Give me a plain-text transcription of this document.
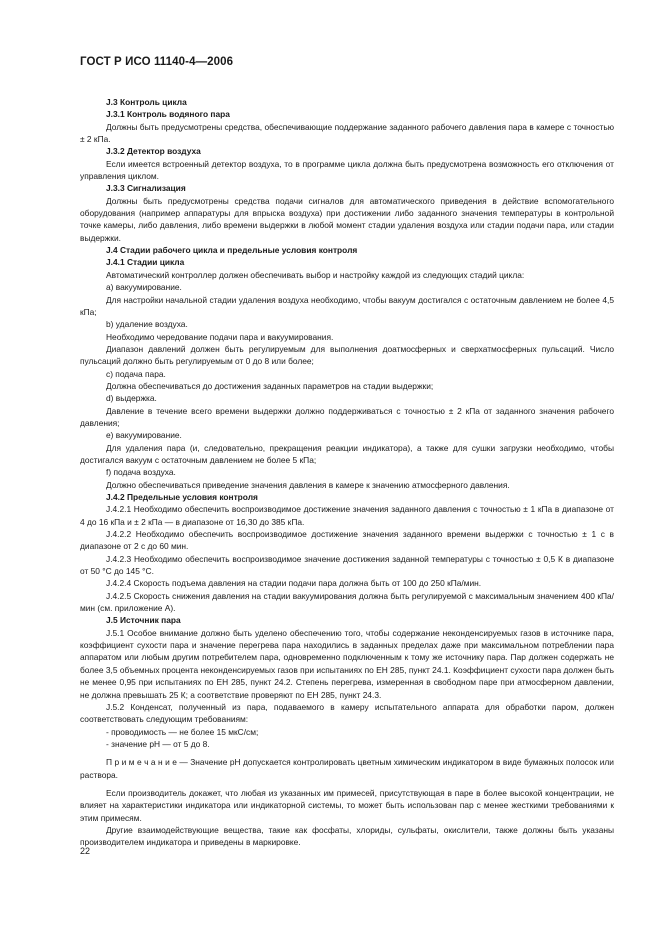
ГОСТ Р ИСО 11140-4—2006

J.3 Контроль цикла

J.3.1 Контроль водяного пара

Должны быть предусмотрены средства, обеспечивающие поддержание заданного рабочего давления пара в камере с точностью ± 2 кПа.

J.3.2 Детектор воздуха

Если имеется встроенный детектор воздуха, то в программе цикла должна быть предусмотрена возможность его отключения от управления циклом.

J.3.3 Сигнализация

Должны быть предусмотрены средства подачи сигналов для автоматического приведения в действие вспомогательного оборудования (например аппаратуры для впрыска воздуха) при достижении либо заданного значения температуры в контрольной точке камеры, либо давления, либо времени выдержки в любой момент стадии удаления воздуха или стадии подачи пара, или стадии выдержки.

J.4 Стадии рабочего цикла и предельные условия контроля

J.4.1 Стадии цикла

Автоматический контроллер должен обеспечивать выбор и настройку каждой из следующих стадий цикла:

a) вакуумирование.

Для настройки начальной стадии удаления воздуха необходимо, чтобы вакуум достигался с остаточным давлением не более 4,5 кПа;

b) удаление воздуха.

Необходимо чередование подачи пара и вакуумирования.

Диапазон давлений должен быть регулируемым для выполнения доатмосферных и сверхатмосферных пульсаций. Число пульсаций должно быть регулируемым от 0 до 8 или более;

c) подача пара.

Должна обеспечиваться до достижения заданных параметров на стадии выдержки;

d) выдержка.

Давление в течение всего времени выдержки должно поддерживаться с точностью ± 2 кПа от заданного значения рабочего давления;

e) вакуумирование.

Для удаления пара (и, следовательно, прекращения реакции индикатора), а также для сушки загрузки необходимо, чтобы достигался вакуум с остаточным давлением не более 5 кПа;

f) подача воздуха.

Должно обеспечиваться приведение значения давления в камере к значению атмосферного давления.

J.4.2 Предельные условия контроля

J.4.2.1 Необходимо обеспечить воспроизводимое достижение значения заданного давления с точностью ± 1 кПа в диапазоне от 4 до 16 кПа и ± 2 кПа — в диапазоне от 16,30 до 385 кПа.

J.4.2.2 Необходимо обеспечить воспроизводимое достижение значения заданного времени выдержки с точностью ± 1 с в диапазоне от 2 с до 60 мин.

J.4.2.3 Необходимо обеспечить воспроизводимое значение достижения заданной температуры с точностью ± 0,5 К в диапазоне от 50 °С до 145 °С.

J.4.2.4 Скорость подъема давления на стадии подачи пара должна быть от 100 до 250 кПа/мин.

J.4.2.5 Скорость снижения давления на стадии вакуумирования должна быть регулируемой с максимальным значением 400 кПа/мин (см. приложение А).

J.5 Источник пара

J.5.1 Особое внимание должно быть уделено обеспечению того, чтобы содержание неконденсируемых газов в источнике пара, коэффициент сухости пара и значение перегрева пара находились в заданных пределах даже при максимальном потреблении пара аппаратом или любым другим потребителем пара, одновременно подключенным к тому же источнику пара. Пар должен содержать не более 3,5 объемных процента неконденсируемых газов при испытаниях по ЕН 285, пункт 24.1. Коэффициент сухости пара должен быть не менее 0,95 при испытаниях по ЕН 285, пункт 24.2. Степень перегрева, измеренная в свободном паре при атмосферном давлении, не должна превышать 25 К; а соответствие проверяют по ЕН 285, пункт 24.3.

J.5.2 Конденсат, полученный из пара, подаваемого в камеру испытательного аппарата для обработки паром, должен соответствовать следующим требованиям:

- проводимость — не более 15 мкС/см;

- значение pH — от 5 до 8.

П р и м е ч а н и е — Значение pH допускается контролировать цветным химическим индикатором в виде бумажных полосок или раствора.

Если производитель докажет, что любая из указанных им примесей, присутствующая в паре в более высокой концентрации, не влияет на характеристики индикатора или индикаторной системы, то может быть использован пар с менее жесткими требованиями к этим примесям.

Другие взаимодействующие вещества, такие как фосфаты, хлориды, сульфаты, окислители, также должны быть указаны производителем индикатора и приведены в маркировке.

22
